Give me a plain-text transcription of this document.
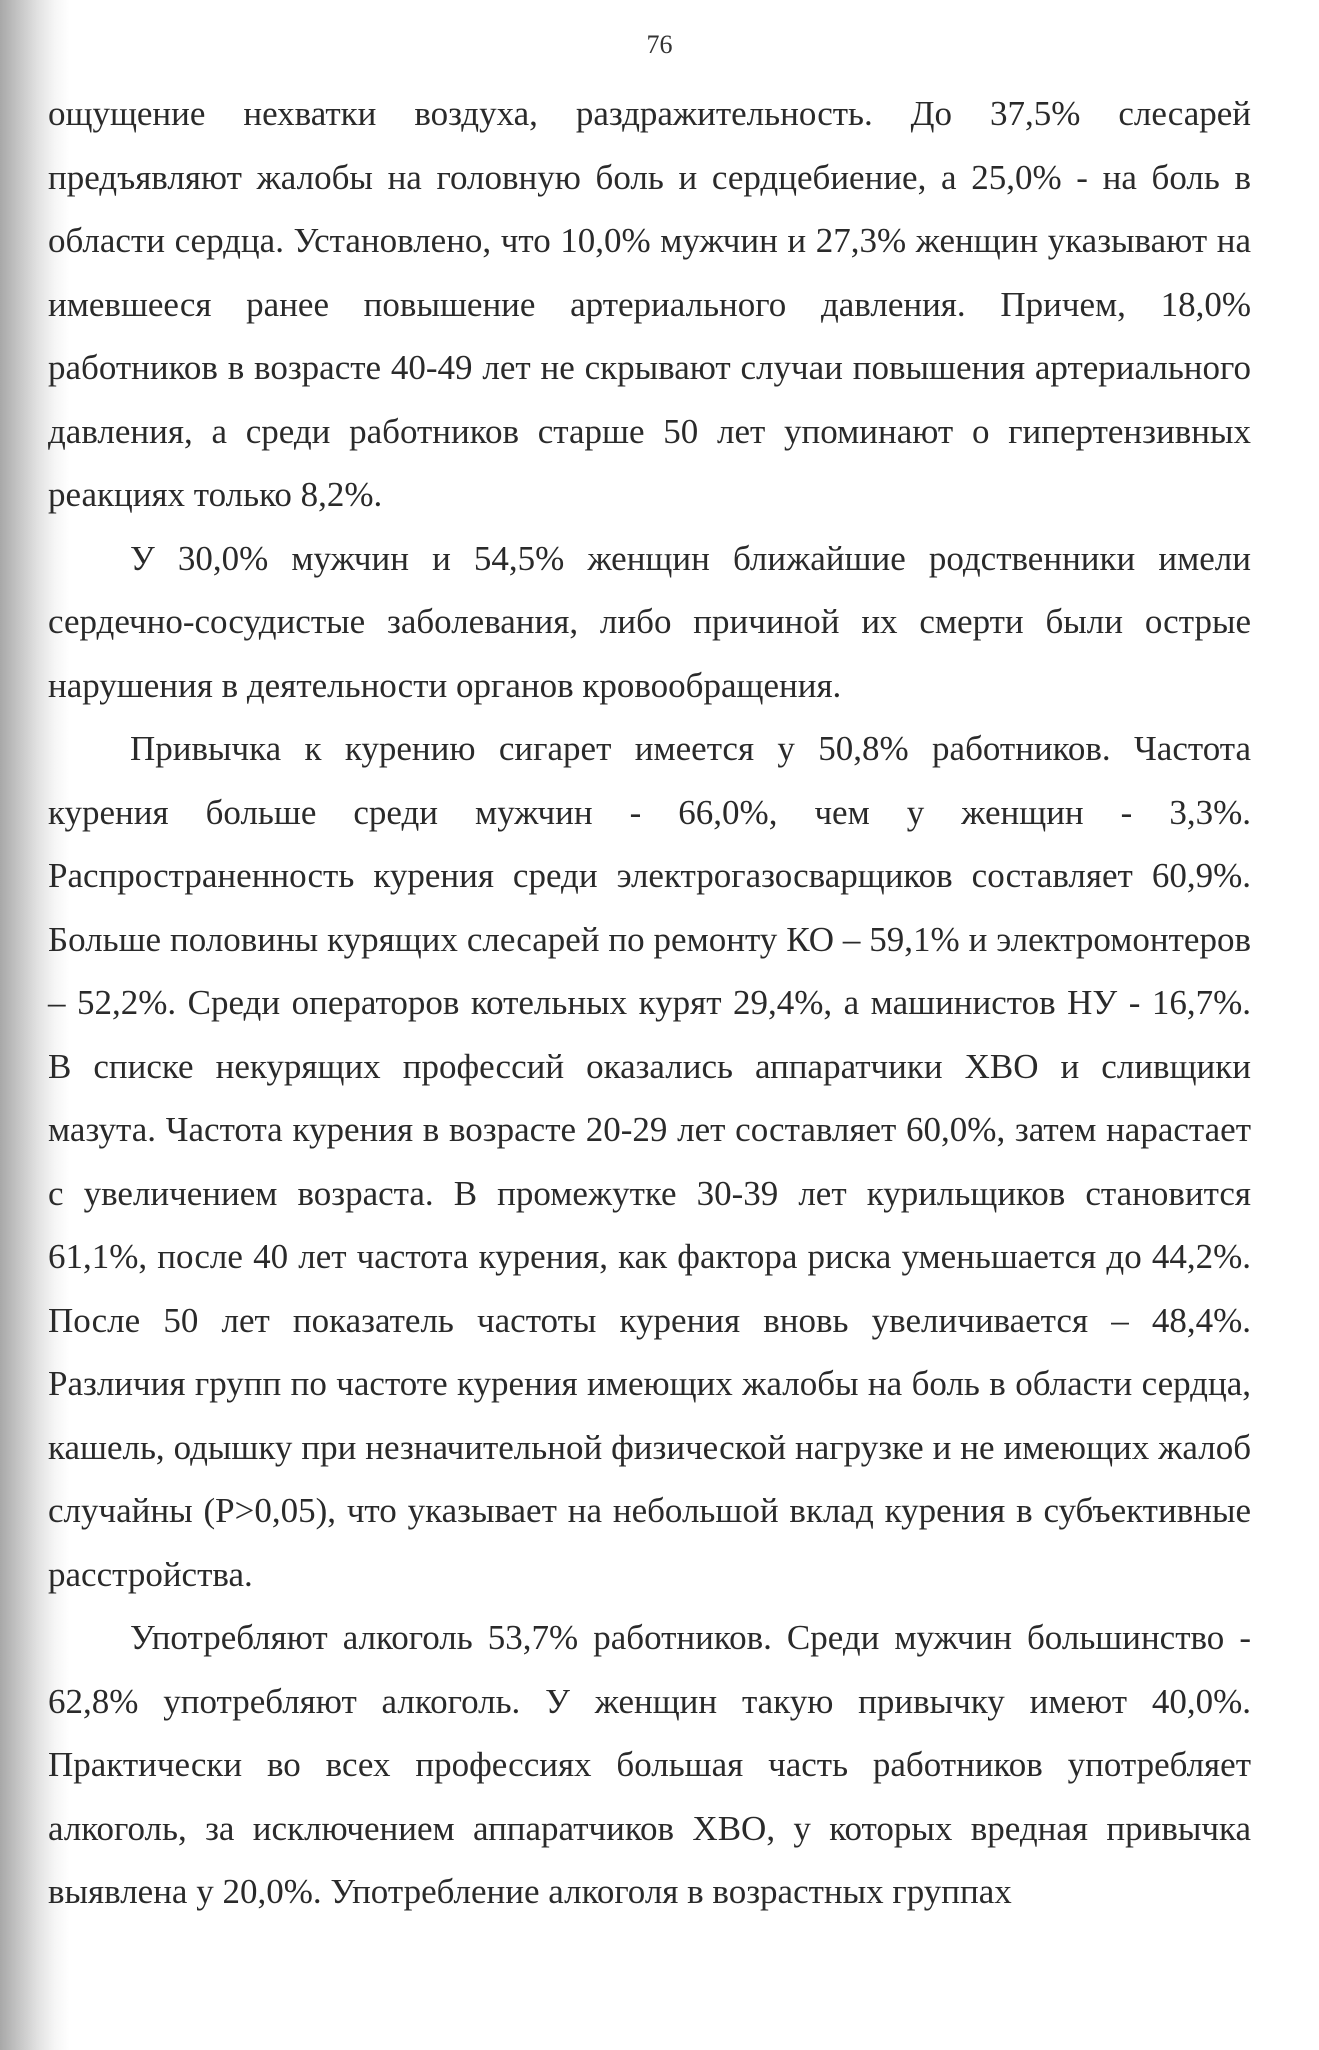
76

ощущение нехватки воздуха, раздражительность. До 37,5% слесарей предъявляют жалобы на головную боль и сердцебиение, а 25,0% - на боль в области сердца. Установлено, что 10,0% мужчин и 27,3% женщин указывают на имевшееся ранее повышение артериального давления. Причем, 18,0% работников в возрасте 40-49 лет не скрывают случаи повышения артериального давления, а среди работников старше 50 лет упоминают о гипертензивных реакциях только 8,2%.

У 30,0% мужчин и 54,5% женщин ближайшие родственники имели сердечно-сосудистые заболевания, либо причиной их смерти были острые нарушения в деятельности органов кровообращения.

Привычка к курению сигарет имеется у 50,8% работников. Частота курения больше среди мужчин - 66,0%, чем у женщин - 3,3%. Распространенность курения среди электрогазосварщиков составляет 60,9%. Больше половины курящих слесарей по ремонту КО – 59,1% и электромонтеров – 52,2%. Среди операторов котельных курят 29,4%, а машинистов НУ - 16,7%. В списке некурящих профессий оказались аппаратчики ХВО и сливщики мазута. Частота курения в возрасте 20-29 лет составляет 60,0%, затем нарастает с увеличением возраста. В промежутке 30-39 лет курильщиков становится 61,1%, после 40 лет частота курения, как фактора риска уменьшается до 44,2%. После 50 лет показатель частоты курения вновь увеличивается – 48,4%. Различия групп по частоте курения имеющих жалобы на боль в области сердца, кашель, одышку при незначительной физической нагрузке и не имеющих жалоб случайны (Р>0,05), что указывает на небольшой вклад курения в субъективные расстройства.

Употребляют алкоголь 53,7% работников. Среди мужчин большинство - 62,8% употребляют алкоголь. У женщин такую привычку имеют 40,0%. Практически во всех профессиях большая часть работников употребляет алкоголь, за исключением аппаратчиков ХВО, у которых вредная привычка выявлена у 20,0%. Употребление алкоголя в возрастных группах
